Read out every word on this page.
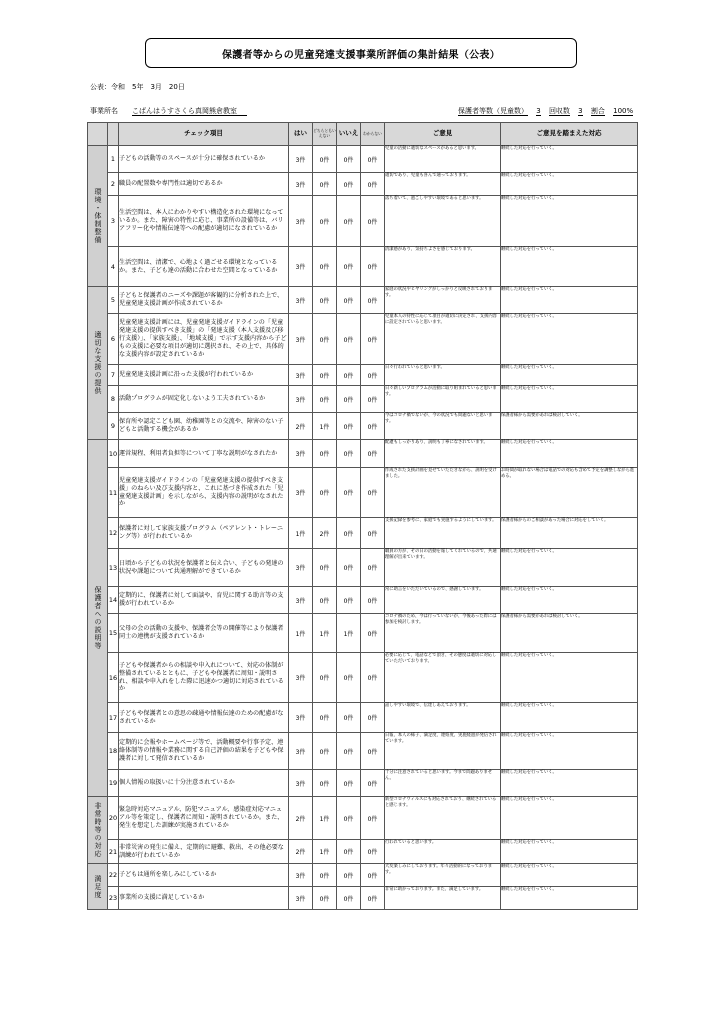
保護者等からの児童発達支援事業所評価の集計結果（公表）
公表：令和　5年　3月　20日
事業所名 こばんはうすさくら真岡熊倉教室	保護者等数（児童数） 3 回収数 3 割合 100%
		チェック項目	はい	どちらともいえない	いいえ	わからない	ご意見	ご意見を踏まえた対応
環境・体制整備	1	子どもの活動等のスペースが十分に確保されているか	3件	0件	0件	0件	児童の活動に適切なスペースがあると思います。	継続した対応を行っていく。
	2	職員の配置数や専門性は適切であるか	3件	0件	0件	0件	適切であり、児童も喜んで通っております。	継続した対応を行っていく。
	3	生活空間は、本人にわかりやすい構造化された環境になっているか。また、障害の特性に応じ、事業所の設備等は、バリアフリー化や情報伝達等への配慮が適切になされているか	3件	0件	0件	0件	落ち着いて、過ごしやすい環境であると思います。	継続した対応を行っていく。
	4	生活空間は、清潔で、心地よく過ごせる環境となっているか。また、子ども達の活動に合わせた空間となっているか	3件	0件	0件	0件	清潔感があり、気持ちよさを感じております。	継続した対応を行っていく。
適切な支援の提供	5	子どもと保護者のニーズや課題が客観的に分析された上で、児童発達支援計画が作成されているか	3件	0件	0件	0件	家庭の状況やヒヤリングがしっかりと反映されております。	継続した対応を行っていく。
	6	児童発達支援計画には、児童発達支援ガイドラインの「児童発達支援の提供すべき支援」の「発達支援（本人支援及び移行支援）」、「家族支援」、「地域支援」で示す支援内容から子どもの支援に必要な項目が適切に選択され、その上で、具体的な支援内容が設定されているか	3件	0件	0件	0件	児童本人の特性に応じて項目が適切に決定され、支援内容に設定されていると思います。	継続した対応を行っていく。
	7	児童発達支援計画に沿った支援が行われているか	3件	0件	0件	0件	日々行われていると思います。	継続した対応を行っていく。
	8	活動プログラムが固定化しないよう工夫されているか	3件	0件	0件	0件	日々新しいプログラムが活動に取り組まれていると思います。	継続した対応を行っていく。
	9	保育所や認定こども園、幼稚園等との交流や、障害のない子どもと活動する機会があるか	2件	1件	0件	0件	今はコロナ禍でないが、今の状況でも問題ないと思います。	保護者様から需要があれば検討していく。
保護者への説明等	10	運営規程、利用者負担等について丁寧な説明がなされたか	3件	0件	0件	0件	配慮もしっかりあり、説明も丁寧になされています。	継続した対応を行っていく。
	11	児童発達支援ガイドラインの「児童発達支援の提供すべき支援」のねらい及び支援内容と、これに基づき作成された「児童発達支援計画」を示しながら、支援内容の説明がなされたか	3件	0件	0件	0件	作成された支援計画を見せていただきながら、説明を受けました。	お時間が取れない場合は電話での対応も含めて予定を調整しながら進める。
	12	保護者に対して家族支援プログラム（ペアレント・トレーニング等）が行われているか	1件	2件	0件	0件	支援記録を参考に、家庭でも実施するようにしています。	保護者様からのご相談があった場合に対応をしていく。
	13	日頃から子どもの状況を保護者と伝え合い、子どもの発達の状況や課題について共通理解ができているか	3件	0件	0件	0件	職員の方が、その日の活動を報してくれているので、共通理解が出来ています。	継続した対応を行っていく。
	14	定期的に、保護者に対して面談や、育児に関する助言等の支援が行われているか	3件	0件	0件	0件	常に助言をいただいているので、感謝しています。	継続した対応を行っていく。
	15	父母の会の活動の支援や、保護者会等の開催等により保護者同士の連携が支援されているか	1件	1件	1件	0件	コロナ禍のため、今は行っていないが、今後あった際には参加を検討します。	保護者様から需要があれば検討していく。
	16	子どもや保護者からの相談や申入れについて、対応の体制が整備されているとともに、子どもや保護者に周知・説明され、相談や申入れをした際に迅速かつ適切に対応されているか	3件	0件	0件	0件	必要に応じて、電話などで頂き、その態度は適切に対応していただいております。	継続した対応を行っていく。
	17	子どもや保護者との意思の疎通や情報伝達のための配慮がなされているか	3件	0件	0件	0件	話しやすい環境で、伝達しあえております。	継続した対応を行っていく。
	18	定期的に会報やホームページ等で、活動概要や行事予定、連絡体制等の情報や業務に関する自己評価の結果を子どもや保護者に対して発信されているか	3件	0件	0件	0件	日報、本人の様子、満足度、連絡度、実施経過が発信されています。	継続した対応を行っていく。
	19	個人情報の取扱いに十分注意されているか	3件	0件	0件	0件	十分に注意されていると思います。今まで問題ありません。	継続した対応を行っていく。
非常時等の対応	20	緊急時対応マニュアル、防犯マニュアル、感染症対応マニュアル等を策定し、保護者に周知・説明されているか。また、発生を想定した訓練が実施されているか	2件	1件	0件	0件	新型コロナウィルスにも対応されており、継続されていると感じます。	継続した対応を行っていく。
	21	非常災害の発生に備え、定期的に避難、救出、その他必要な訓練が行われているか	2件	1件	0件	0件	行われていると思います。	継続した対応を行っていく。
満足度	22	子どもは通所を楽しみにしているか	3件	0件	0件	0件	大変楽しみにしております。年々活動的になっております。	継続した対応を行っていく。
	23	事業所の支援に満足しているか	3件	0件	0件	0件	非常に助かっております。また、満足しています。	継続した対応を行っていく。
